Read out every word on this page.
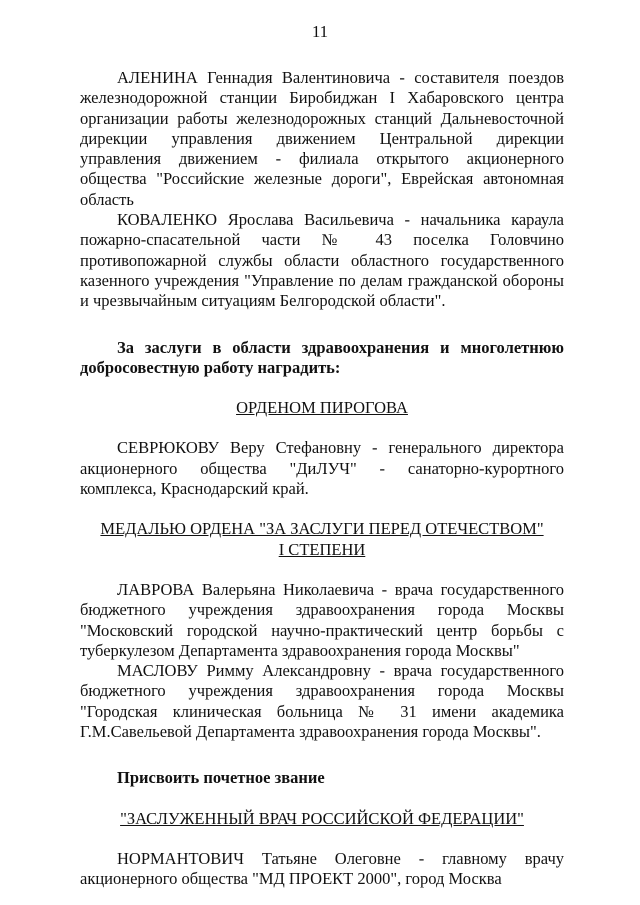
11

АЛЕНИНА Геннадия Валентиновича - составителя поездов железнодорожной станции Биробиджан I Хабаровского центра организации работы железнодорожных станций Дальневосточной дирекции управления движением Центральной дирекции управления движением - филиала открытого акционерного общества "Российские железные дороги", Еврейская автономная область

КОВАЛЕНКО Ярослава Васильевича - начальника караула пожарно-спасательной части № 43 поселка Головчино противопожарной службы области областного государственного казенного учреждения "Управление по делам гражданской обороны и чрезвычайным ситуациям Белгородской области".

За заслуги в области здравоохранения и многолетнюю добросовестную работу наградить:

ОРДЕНОМ ПИРОГОВА

СЕВРЮКОВУ Веру Стефановну - генерального директора акционерного общества "ДиЛУЧ" - санаторно-курортного комплекса, Краснодарский край.

МЕДАЛЬЮ ОРДЕНА "ЗА ЗАСЛУГИ ПЕРЕД ОТЕЧЕСТВОМ"

I СТЕПЕНИ

ЛАВРОВА Валерьяна Николаевича - врача государственного бюджетного учреждения здравоохранения города Москвы "Московский городской научно-практический центр борьбы с туберкулезом Департамента здравоохранения города Москвы"

МАСЛОВУ Римму Александровну - врача государственного бюджетного учреждения здравоохранения города Москвы "Городская клиническая больница № 31 имени академика Г.М.Савельевой Департамента здравоохранения города Москвы".

Присвоить почетное звание

"ЗАСЛУЖЕННЫЙ ВРАЧ РОССИЙСКОЙ ФЕДЕРАЦИИ"

НОРМАНТОВИЧ Татьяне Олеговне - главному врачу акционерного общества "МД ПРОЕКТ 2000", город Москва
